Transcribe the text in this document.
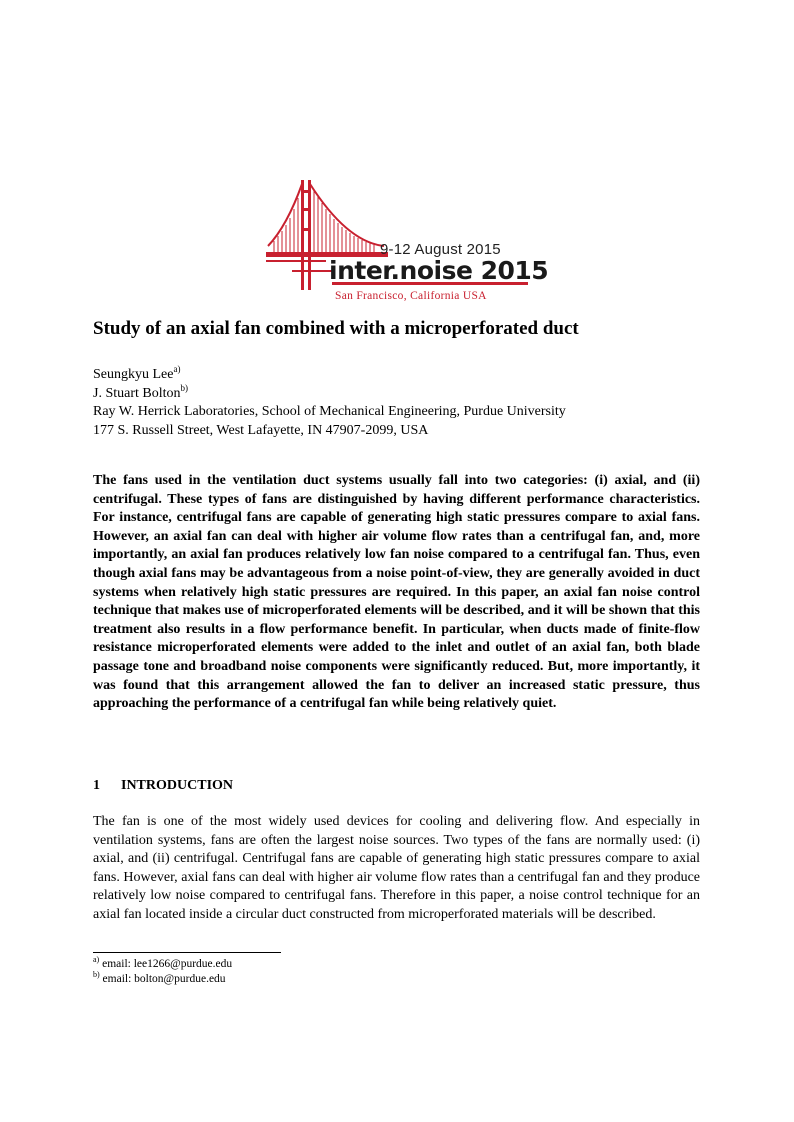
9-12 August 2015
inter.noise 2015
San Francisco, California USA
Study of an axial fan combined with a microperforated duct
Seungkyu Lee$^{a)}$
J. Stuart Bolton$^{b)}$
Ray W. Herrick Laboratories, School of Mechanical Engineering, Purdue University
177 S. Russell Street, West Lafayette, IN 47907-2099, USA
The fans used in the ventilation duct systems usually fall into two categories: (i) axial, and (ii) centrifugal. These types of fans are distinguished by having different performance characteristics. For instance, centrifugal fans are capable of generating high static pressures compare to axial fans. However, an axial fan can deal with higher air volume flow rates than a centrifugal fan, and, more importantly, an axial fan produces relatively low fan noise compared to a centrifugal fan. Thus, even though axial fans may be advantageous from a noise point-of-view, they are generally avoided in duct systems when relatively high static pressures are required. In this paper, an axial fan noise control technique that makes use of microperforated elements will be described, and it will be shown that this treatment also results in a flow performance benefit. In particular, when ducts made of finite-flow resistance microperforated elements were added to the inlet and outlet of an axial fan, both blade passage tone and broadband noise components were significantly reduced. But, more importantly, it was found that this arrangement allowed the fan to deliver an increased static pressure, thus approaching the performance of a centrifugal fan while being relatively quiet.
1 INTRODUCTION
The fan is one of the most widely used devices for cooling and delivering flow. And especially in ventilation systems, fans are often the largest noise sources. Two types of the fans are normally used: (i) axial, and (ii) centrifugal. Centrifugal fans are capable of generating high static pressures compare to axial fans. However, axial fans can deal with higher air volume flow rates than a centrifugal fan and they produce relatively low noise compared to centrifugal fans. Therefore in this paper, a noise control technique for an axial fan located inside a circular duct constructed from microperforated materials will be described.
$^{a)}$ email: lee1266@purdue.edu
$^{b)}$ email: bolton@purdue.edu
